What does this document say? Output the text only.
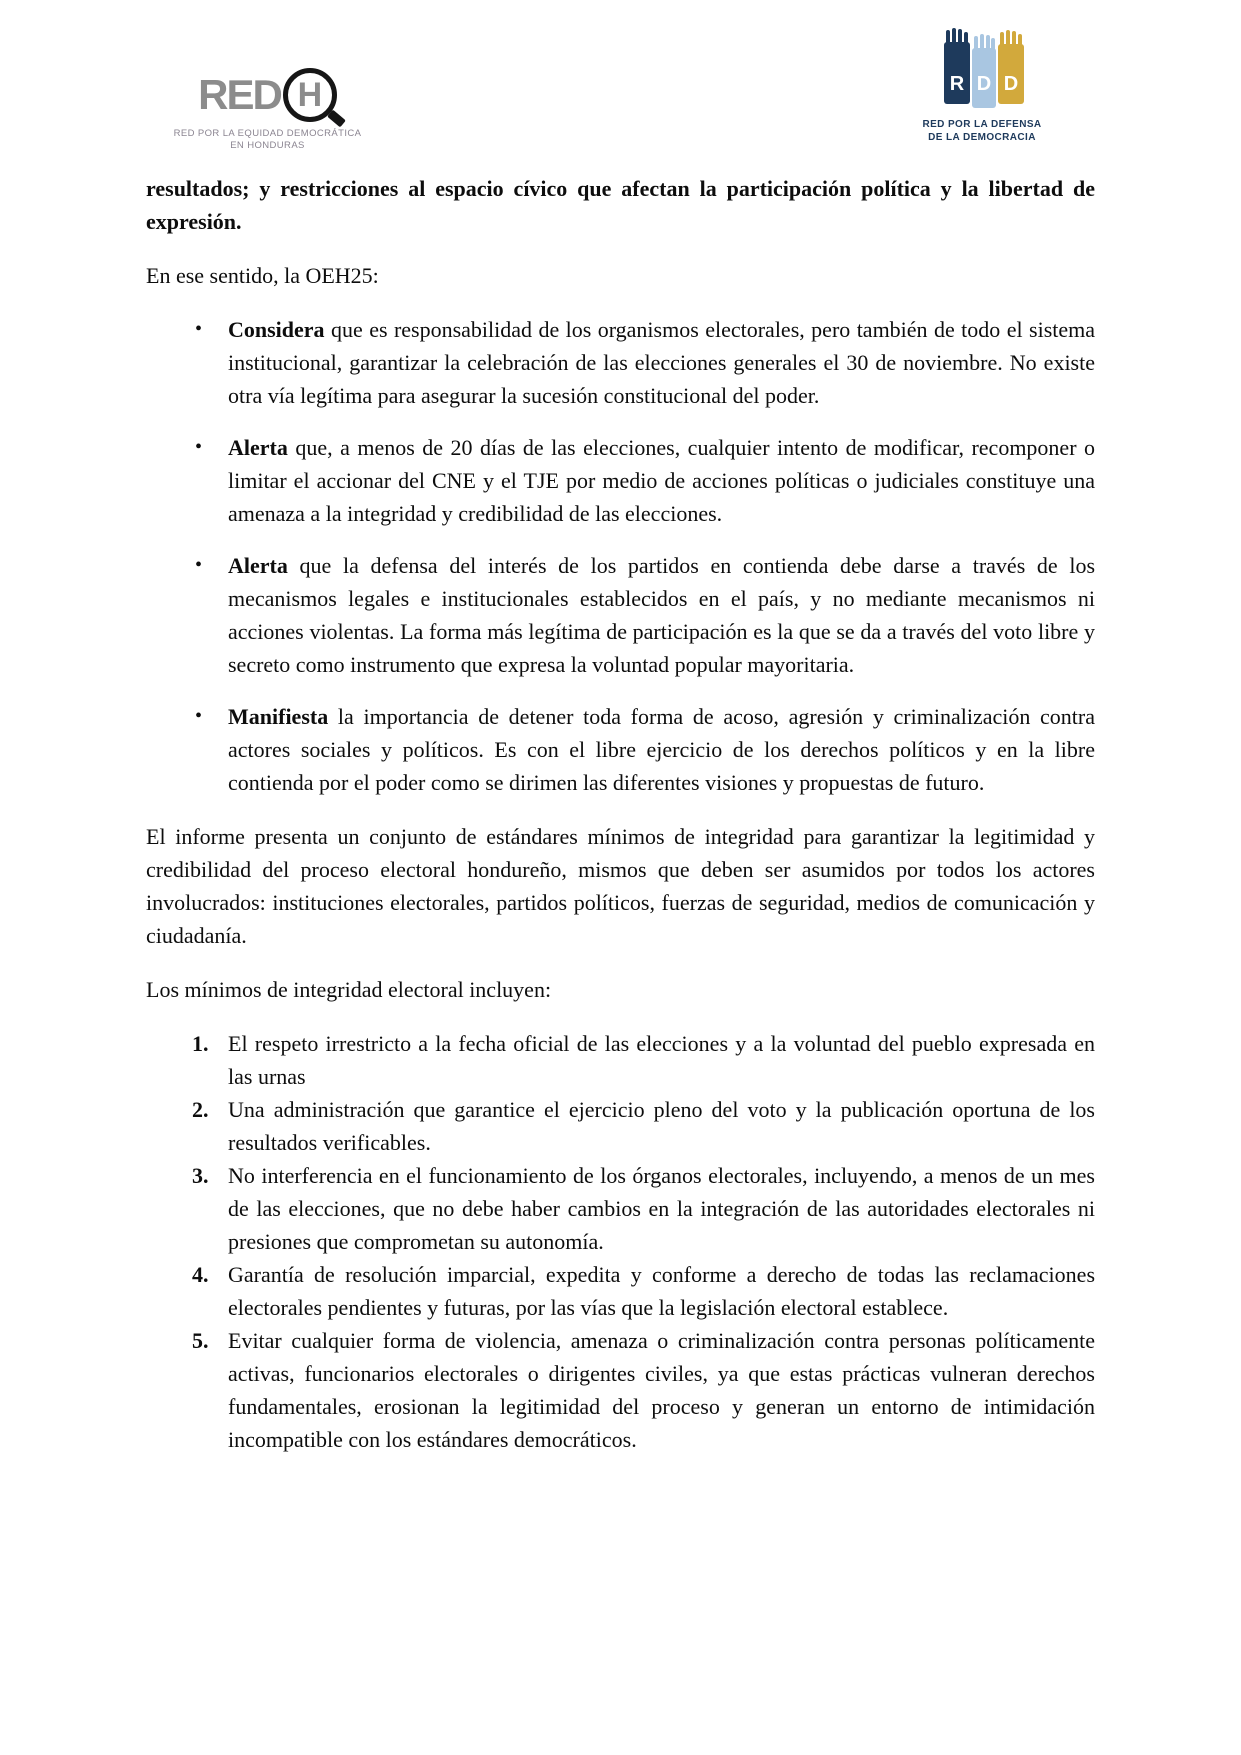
RED H
RED POR LA EQUIDAD DEMOCRÁTICA
EN HONDURAS
R D D
RED POR LA DEFENSA
DE LA DEMOCRACIA

resultados; y restricciones al espacio cívico que afectan la participación política y la libertad de expresión.

En ese sentido, la OEH25:

• Considera que es responsabilidad de los organismos electorales, pero también de todo el sistema institucional, garantizar la celebración de las elecciones generales el 30 de noviembre. No existe otra vía legítima para asegurar la sucesión constitucional del poder.
• Alerta que, a menos de 20 días de las elecciones, cualquier intento de modificar, recomponer o limitar el accionar del CNE y el TJE por medio de acciones políticas o judiciales constituye una amenaza a la integridad y credibilidad de las elecciones.
• Alerta que la defensa del interés de los partidos en contienda debe darse a través de los mecanismos legales e institucionales establecidos en el país, y no mediante mecanismos ni acciones violentas. La forma más legítima de participación es la que se da a través del voto libre y secreto como instrumento que expresa la voluntad popular mayoritaria.
• Manifiesta la importancia de detener toda forma de acoso, agresión y criminalización contra actores sociales y políticos. Es con el libre ejercicio de los derechos políticos y en la libre contienda por el poder como se dirimen las diferentes visiones y propuestas de futuro.

El informe presenta un conjunto de estándares mínimos de integridad para garantizar la legitimidad y credibilidad del proceso electoral hondureño, mismos que deben ser asumidos por todos los actores involucrados: instituciones electorales, partidos políticos, fuerzas de seguridad, medios de comunicación y ciudadanía.

Los mínimos de integridad electoral incluyen:

1. El respeto irrestricto a la fecha oficial de las elecciones y a la voluntad del pueblo expresada en las urnas
2. Una administración que garantice el ejercicio pleno del voto y la publicación oportuna de los resultados verificables.
3. No interferencia en el funcionamiento de los órganos electorales, incluyendo, a menos de un mes de las elecciones, que no debe haber cambios en la integración de las autoridades electorales ni presiones que comprometan su autonomía.
4. Garantía de resolución imparcial, expedita y conforme a derecho de todas las reclamaciones electorales pendientes y futuras, por las vías que la legislación electoral establece.
5. Evitar cualquier forma de violencia, amenaza o criminalización contra personas políticamente activas, funcionarios electorales o dirigentes civiles, ya que estas prácticas vulneran derechos fundamentales, erosionan la legitimidad del proceso y generan un entorno de intimidación incompatible con los estándares democráticos.
